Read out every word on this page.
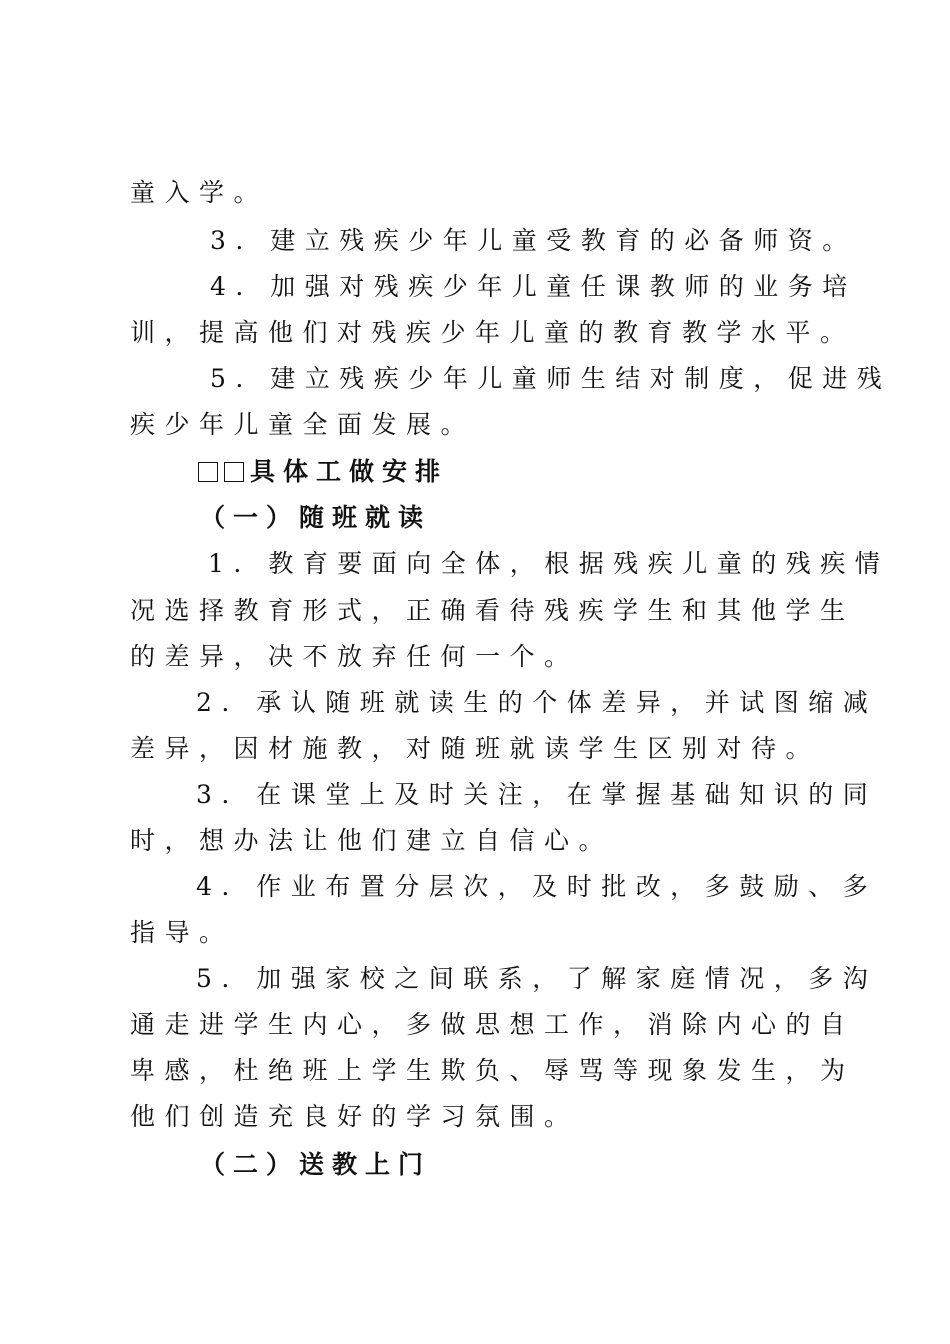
童入学。
3. 建立残疾少年儿童受教育的必备师资。
4. 加强对残疾少年儿童任课教师的业务培
训，提高他们对残疾少年儿童的教育教学水平。
5. 建立残疾少年儿童师生结对制度，促进残
疾少年儿童全面发展。
具体工做安排
（一）随班就读
1. 教育要面向全体，根据残疾儿童的残疾情
况选择教育形式，正确看待残疾学生和其他学生
的差异，决不放弃任何一个。
2. 承认随班就读生的个体差异，并试图缩减
差异，因材施教，对随班就读学生区别对待。
3. 在课堂上及时关注，在掌握基础知识的同
时，想办法让他们建立自信心。
4. 作业布置分层次，及时批改，多鼓励、多
指导。
5. 加强家校之间联系，了解家庭情况，多沟
通走进学生内心，多做思想工作，消除内心的自
卑感，杜绝班上学生欺负、辱骂等现象发生，为
他们创造充良好的学习氛围。
（二）送教上门
